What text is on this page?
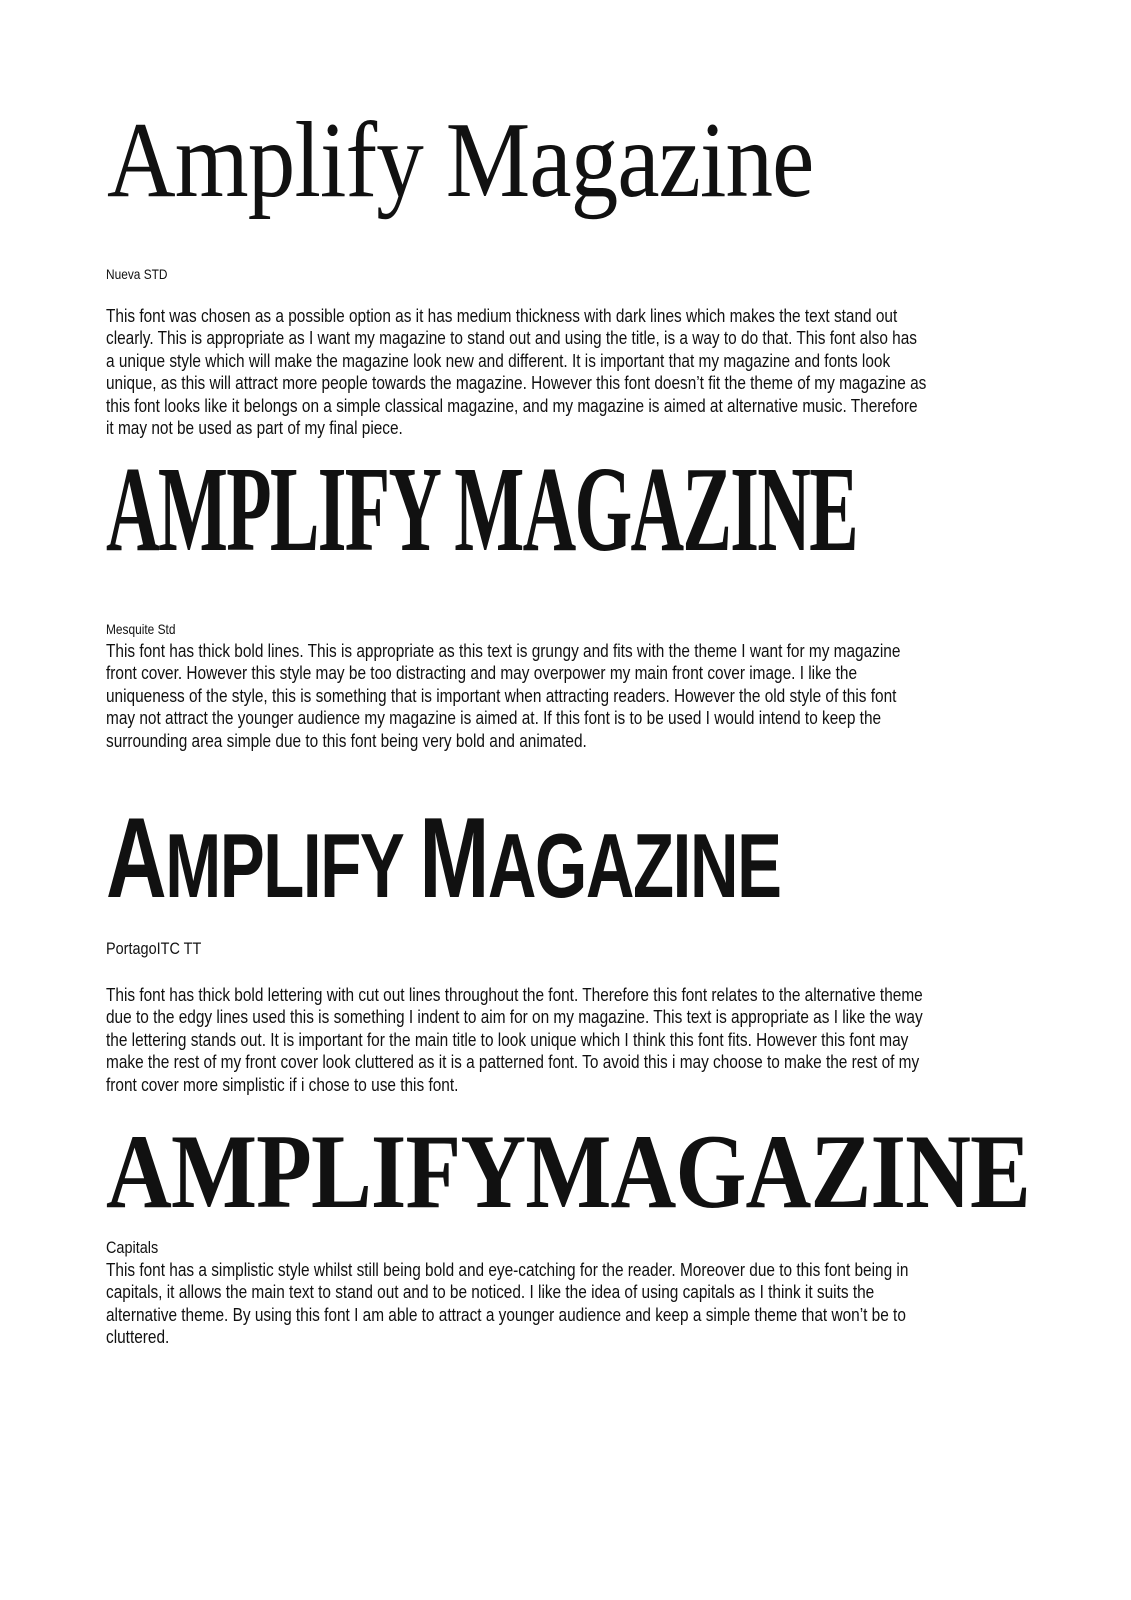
Amplify Magazine
Nueva STD
This font was chosen as a possible option as it has medium thickness with dark lines which makes the text stand out
clearly. This is appropriate as I want my magazine to stand out and using the title, is a way to do that. This font also has
a unique style which will make the magazine look new and different. It is important that my magazine and fonts look
unique, as this will attract more people towards the magazine. However this font doesn’t fit the theme of my magazine as
this font looks like it belongs on a simple classical magazine, and my magazine is aimed at alternative music. Therefore
it may not be used as part of my final piece.
AMPLIFY MAGAZINE
Mesquite Std
This font has thick bold lines. This is appropriate as this text is grungy and fits with the theme I want for my magazine
front cover. However this style may be too distracting and may overpower my main front cover image. I like the
uniqueness of the style, this is something that is important when attracting readers. However the old style of this font
may not attract the younger audience my magazine is aimed at. If this font is to be used I would intend to keep the
surrounding area simple due to this font being very bold and animated.
AMPLIFY MAGAZINE
PortagoITC TT
This font has thick bold lettering with cut out lines throughout the font. Therefore this font relates to the alternative theme
due to the edgy lines used this is something I indent to aim for on my magazine. This text is appropriate as I like the way
the lettering stands out. It is important for the main title to look unique which I think this font fits. However this font may
make the rest of my front cover look cluttered as it is a patterned font. To avoid this i may choose to make the rest of my
front cover more simplistic if i chose to use this font.
AMPLIFYMAGAZINE
Capitals
This font has a simplistic style whilst still being bold and eye-catching for the reader. Moreover due to this font being in
capitals, it allows the main text to stand out and to be noticed. I like the idea of using capitals as I think it suits the
alternative theme. By using this font I am able to attract a younger audience and keep a simple theme that won’t be to
cluttered.
